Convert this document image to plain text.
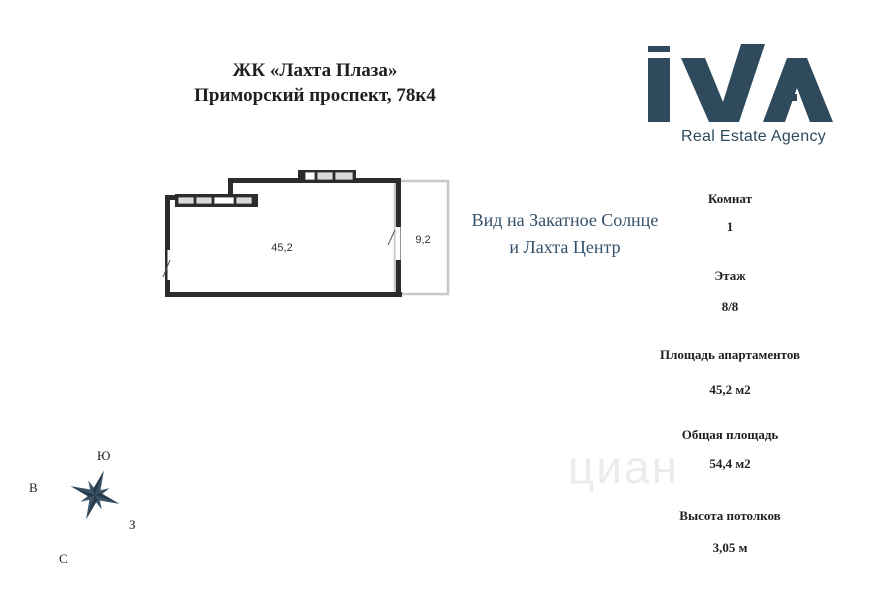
ЖК «Лахта Плаза»
Приморский проспект, 78к4
Real Estate Agency
45,2
9,2
Вид на Закатное Солнце
и Лахта Центр
циан
Комнат
1
Этаж
8/8
Площадь апартаментов
45,2 м2
Общая площадь
54,4 м2
Высота потолков
3,05 м
Ю
В
З
С
